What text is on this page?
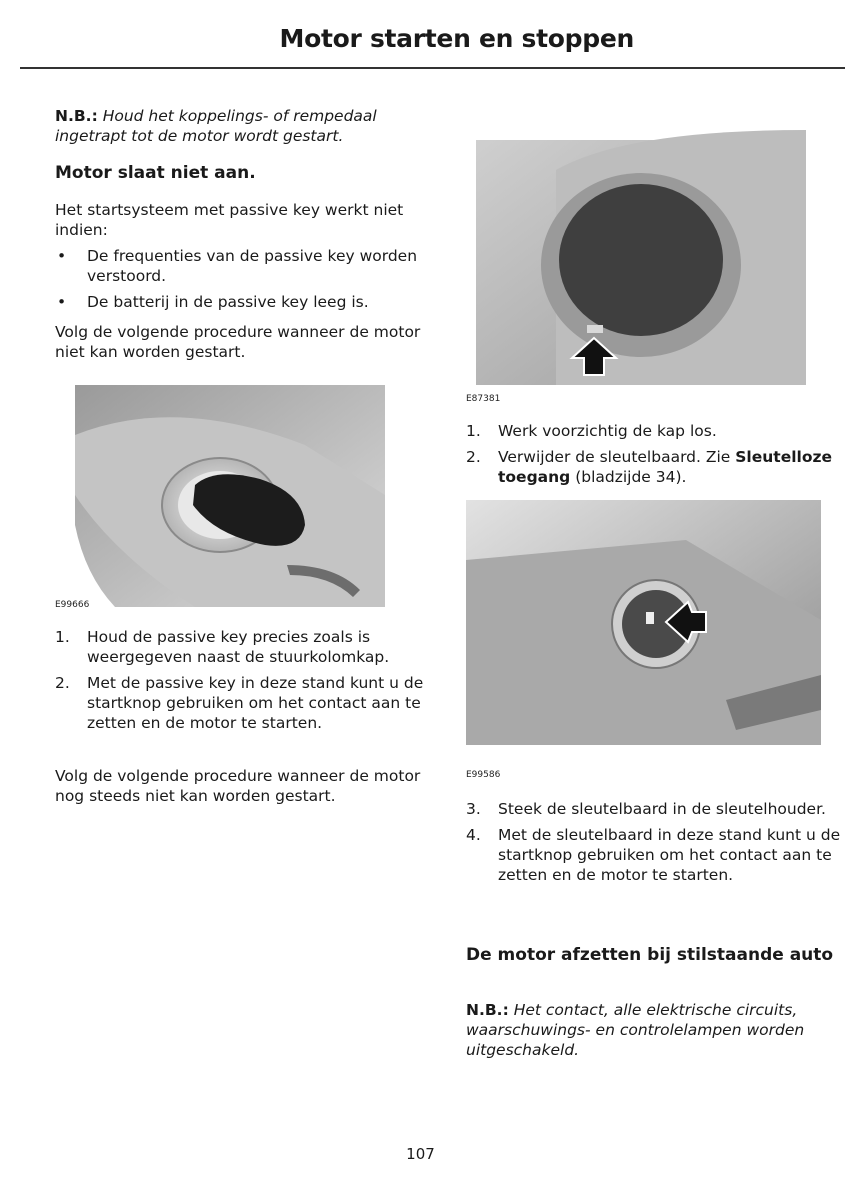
Motor starten en stoppen
N.B.: Houd het koppelings- of rempedaal ingetrapt tot de motor wordt gestart.
Motor slaat niet aan.
Het startsysteem met passive key werkt niet indien:
• De frequenties van de passive key worden verstoord.
• De batterij in de passive key leeg is.
Volg de volgende procedure wanneer de motor niet kan worden gestart.
E99666
1. Houd de passive key precies zoals is weergegeven naast de stuurkolomkap.
2. Met de passive key in deze stand kunt u de startknop gebruiken om het contact aan te zetten en de motor te starten.
Volg de volgende procedure wanneer de motor nog steeds niet kan worden gestart.
E87381
1. Werk voorzichtig de kap los.
2. Verwijder de sleutelbaard. Zie Sleutelloze toegang (bladzijde 34).
E99586
3. Steek de sleutelbaard in de sleutelhouder.
4. Met de sleutelbaard in deze stand kunt u de startknop gebruiken om het contact aan te zetten en de motor te starten.
De motor afzetten bij stilstaande auto
N.B.: Het contact, alle elektrische circuits, waarschuwings- en controlelampen worden uitgeschakeld.
107
